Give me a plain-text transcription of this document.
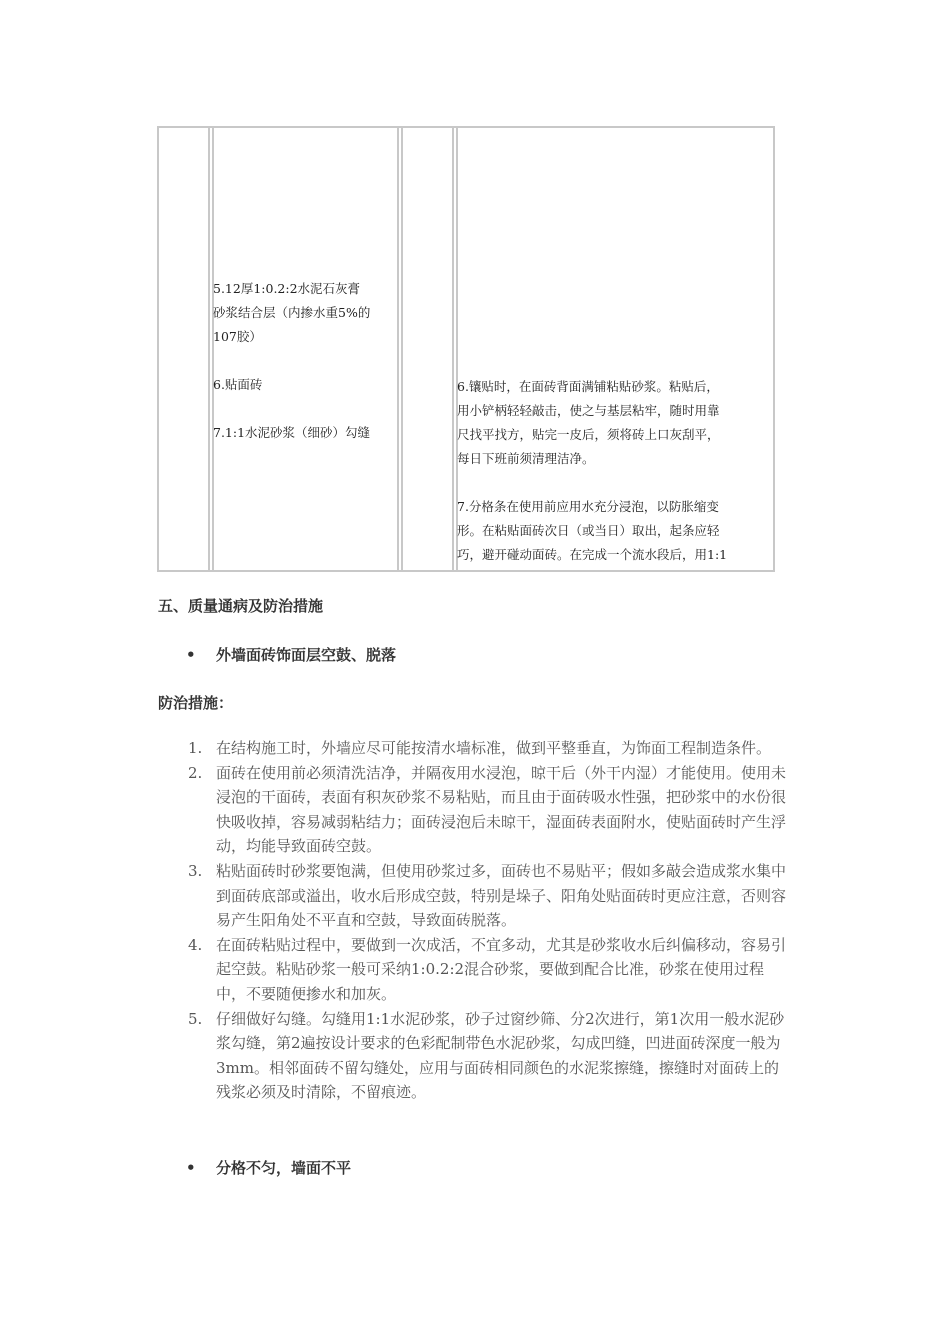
5.12厚1:0.2:2水泥石灰膏

砂浆结合层（内掺水重5%的

107胶）

6.贴面砖

7.1:1水泥砂浆（细砂）勾缝

6.镶贴时，在面砖背面满铺粘贴砂浆。粘贴后，

用小铲柄轻轻敲击，使之与基层粘牢，随时用靠

尺找平找方，贴完一皮后，须将砖上口灰刮平，

每日下班前须清理洁净。

7.分格条在使用前应用水充分浸泡，以防胀缩变

形。在粘贴面砖次日（或当日）取出，起条应轻

巧，避开碰动面砖。在完成一个流水段后，用1:1

五、质量通病及防治措施
• 外墙面砖饰面层空鼓、脱落
防治措施：
1. 在结构施工时，外墙应尽可能按清水墙标准，做到平整垂直，为饰面工程制造条件。
2. 面砖在使用前必须清洗洁净，并隔夜用水浸泡，晾干后（外干内湿）才能使用。使用未浸泡的干面砖，表面有积灰砂浆不易粘贴，而且由于面砖吸水性强，把砂浆中的水份很快吸收掉，容易减弱粘结力；面砖浸泡后未晾干，湿面砖表面附水，使贴面砖时产生浮动，均能导致面砖空鼓。
3. 粘贴面砖时砂浆要饱满，但使用砂浆过多，面砖也不易贴平；假如多敲会造成浆水集中到面砖底部或溢出，收水后形成空鼓，特别是垛子、阳角处贴面砖时更应注意，否则容易产生阳角处不平直和空鼓，导致面砖脱落。
4. 在面砖粘贴过程中，要做到一次成活，不宜多动，尤其是砂浆收水后纠偏移动，容易引起空鼓。粘贴砂浆一般可采纳1:0.2:2混合砂浆，要做到配合比准，砂浆在使用过程中，不要随便掺水和加灰。
5. 仔细做好勾缝。勾缝用1:1水泥砂浆，砂子过窗纱筛、分2次进行，第1次用一般水泥砂浆勾缝，第2遍按设计要求的色彩配制带色水泥砂浆，勾成凹缝，凹进面砖深度一般为3mm。相邻面砖不留勾缝处，应用与面砖相同颜色的水泥浆擦缝，擦缝时对面砖上的残浆必须及时清除，不留痕迹。
• 分格不匀，墙面不平
